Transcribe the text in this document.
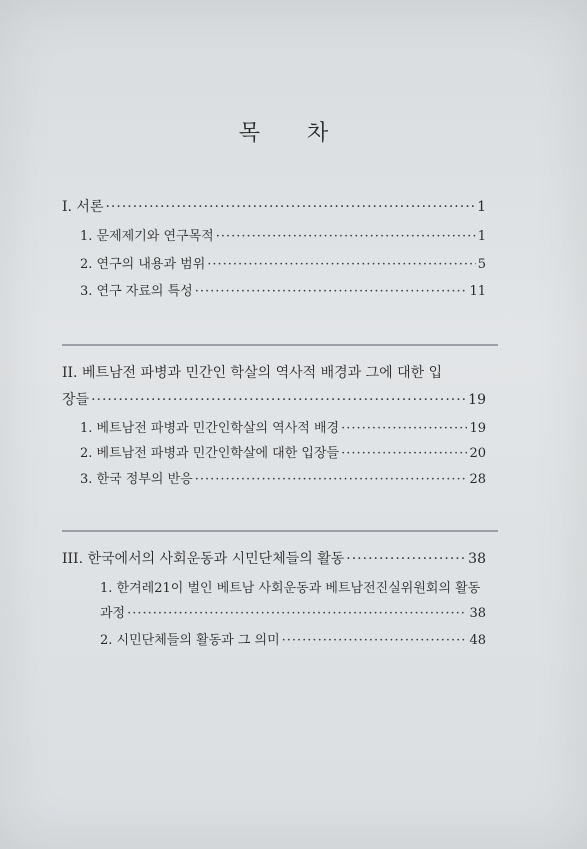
목 차
I. 서론 ·····	1
1. 문제제기와 연구목적 ·····	1
2. 연구의 내용과 범위 ·····	5
3. 연구 자료의 특성 ·····	11
II. 베트남전 파병과 민간인 학살의 역사적 배경과 그에 대한 입
장들 ·····	19
1. 베트남전 파병과 민간인학살의 역사적 배경 ·····	19
2. 베트남전 파병과 민간인학살에 대한 입장들 ·····	20
3. 한국 정부의 반응 ·····	28
III. 한국에서의 사회운동과 시민단체들의 활동 ·····	38
1. 한겨레21이 벌인 베트남 사회운동과 베트남전진실위원회의 활동
과정 ·····	38
2. 시민단체들의 활동과 그 의미 ·····	48
